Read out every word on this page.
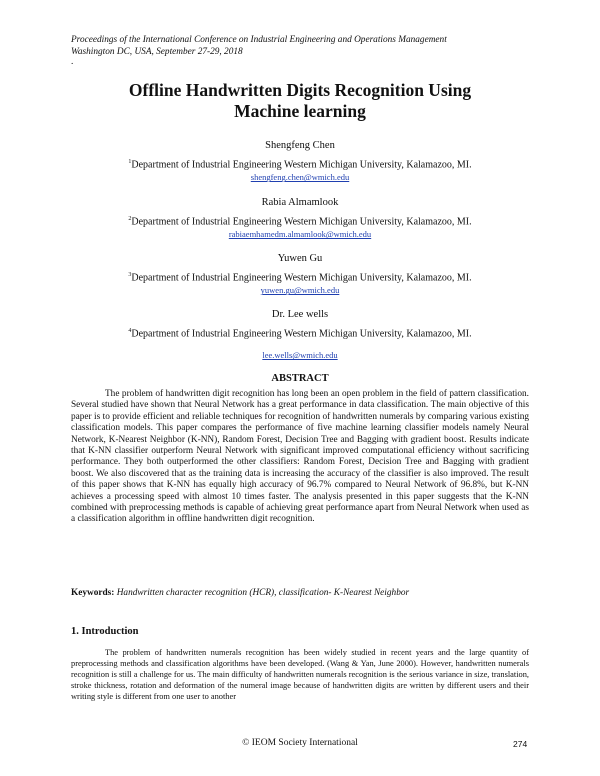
Proceedings of the International Conference on Industrial Engineering and Operations Management
Washington DC, USA, September 27-29, 2018
.
Offline Handwritten Digits Recognition Using
Machine learning
Shengfeng Chen
$^1$Department of Industrial Engineering Western Michigan University, Kalamazoo, MI.
shengfeng.chen@wmich.edu
Rabia Almamlook
$^2$Department of Industrial Engineering Western Michigan University, Kalamazoo, MI.
rabiaemhamedm.almamlook@wmich.edu
Yuwen Gu
$^3$Department of Industrial Engineering Western Michigan University, Kalamazoo, MI.
yuwen.gu@wmich.edu
Dr. Lee wells
$^4$Department of Industrial Engineering Western Michigan University, Kalamazoo, MI.
lee.wells@wmich.edu
ABSTRACT
The problem of handwritten digit recognition has long been an open problem in the field of pattern classification. Several studied have shown that Neural Network has a great performance in data classification. The main objective of this paper is to provide efficient and reliable techniques for recognition of handwritten numerals by comparing various existing classification models. This paper compares the performance of five machine learning classifier models namely Neural Network, K-Nearest Neighbor (K-NN), Random Forest, Decision Tree and Bagging with gradient boost. Results indicate that K-NN classifier outperform Neural Network with significant improved computational efficiency without sacrificing performance. They both outperformed the other classifiers: Random Forest, Decision Tree and Bagging with gradient boost. We also discovered that as the training data is increasing the accuracy of the classifier is also improved. The result of this paper shows that K-NN has equally high accuracy of 96.7% compared to Neural Network of 96.8%, but K-NN achieves a processing speed with almost 10 times faster. The analysis presented in this paper suggests that the K-NN combined with preprocessing methods is capable of achieving great performance apart from Neural Network when used as a classification algorithm in offline handwritten digit recognition.
Keywords: Handwritten character recognition (HCR), classification- K-Nearest Neighbor
1. Introduction
The problem of handwritten numerals recognition has been widely studied in recent years and the large quantity of preprocessing methods and classification algorithms have been developed. (Wang & Yan, June 2000). However, handwritten numerals recognition is still a challenge for us. The main difficulty of handwritten numerals recognition is the serious variance in size, translation, stroke thickness, rotation and deformation of the numeral image because of handwritten digits are written by different users and their writing style is different from one user to another
© IEOM Society International	274
